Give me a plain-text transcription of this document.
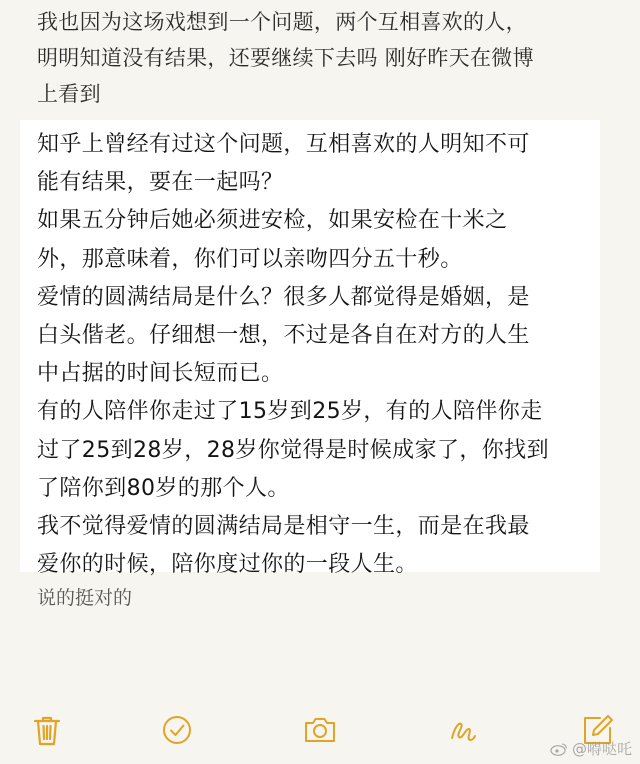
我也因为这场戏想到一个问题，两个互相喜欢的人，
明明知道没有结果，还要继续下去吗 刚好昨天在微博
上看到
知乎上曾经有过这个问题，互相喜欢的人明知不可
能有结果，要在一起吗？
如果五分钟后她必须进安检，如果安检在十米之
外，那意味着，你们可以亲吻四分五十秒。
爱情的圆满结局是什么？很多人都觉得是婚姻，是
白头偕老。仔细想一想，不过是各自在对方的人生
中占据的时间长短而已。
有的人陪伴你走过了15岁到25岁，有的人陪伴你走
过了25到28岁，28岁你觉得是时候成家了，你找到
了陪你到80岁的那个人。
我不觉得爱情的圆满结局是相守一生，而是在我最
爱你的时候，陪你度过你的一段人生。
说的挺对的
@嘚哒吒
